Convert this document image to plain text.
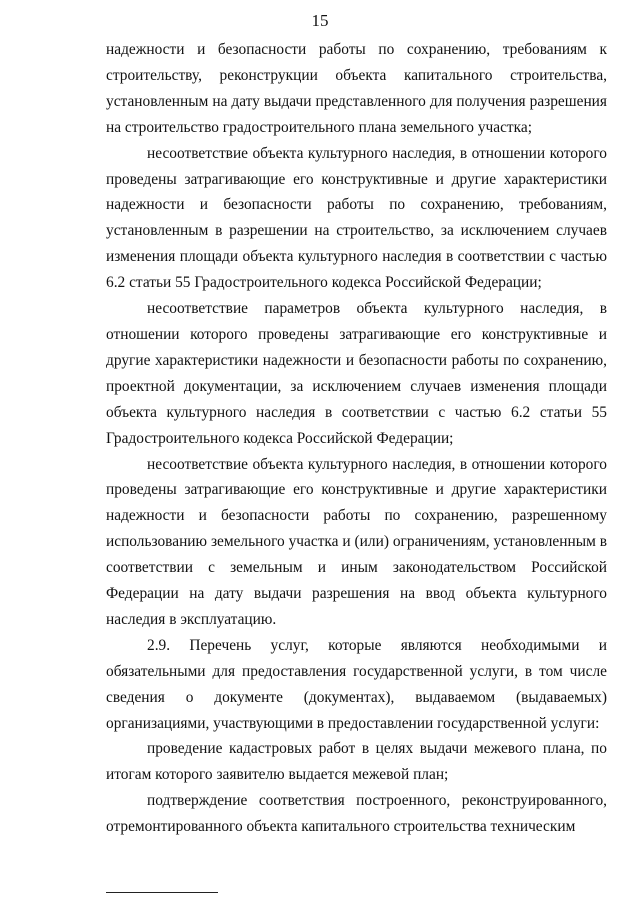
15

надежности и безопасности работы по сохранению, требованиям к строительству, реконструкции объекта капитального строительства, установленным на дату выдачи представленного для получения разрешения на строительство градостроительного плана земельного участка;

несоответствие объекта культурного наследия, в отношении которого проведены затрагивающие его конструктивные и другие характеристики надежности и безопасности работы по сохранению, требованиям, установленным в разрешении на строительство, за исключением случаев изменения площади объекта культурного наследия в соответствии с частью 6.2 статьи 55 Градостроительного кодекса Российской Федерации;

несоответствие параметров объекта культурного наследия, в отношении которого проведены затрагивающие его конструктивные и другие характеристики надежности и безопасности работы по сохранению, проектной документации, за исключением случаев изменения площади объекта культурного наследия в соответствии с частью 6.2 статьи 55 Градостроительного кодекса Российской Федерации;

несоответствие объекта культурного наследия, в отношении которого проведены затрагивающие его конструктивные и другие характеристики надежности и безопасности работы по сохранению, разрешенному использованию земельного участка и (или) ограничениям, установленным в соответствии с земельным и иным законодательством Российской Федерации на дату выдачи разрешения на ввод объекта культурного наследия в эксплуатацию.

2.9. Перечень услуг, которые являются необходимыми и обязательными для предоставления государственной услуги, в том числе сведения о документе (документах), выдаваемом (выдаваемых) организациями, участвующими в предоставлении государственной услуги:

проведение кадастровых работ в целях выдачи межевого плана, по итогам которого заявителю выдается межевой план;

подтверждение соответствия построенного, реконструированного, отремонтированного объекта капитального строительства техническим
